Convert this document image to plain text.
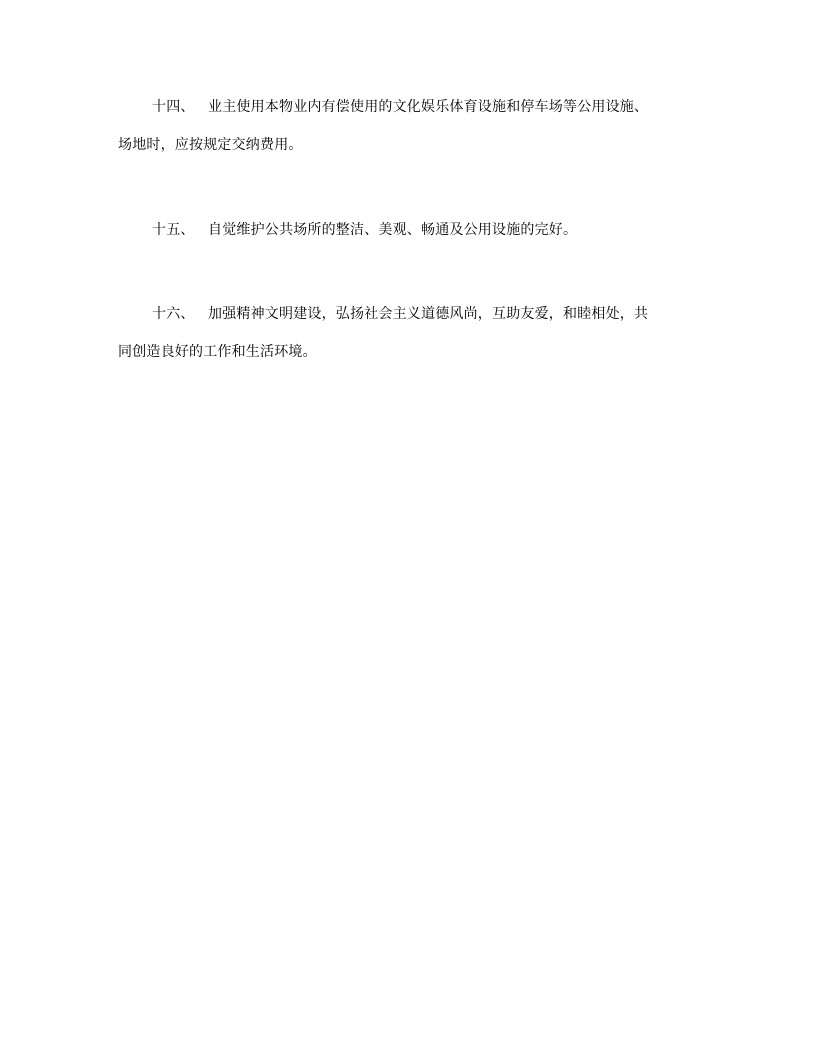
十四、 业主使用本物业内有偿使用的文化娱乐体育设施和停车场等公用设施、
场地时，应按规定交纳费用。
十五、 自觉维护公共场所的整洁、美观、畅通及公用设施的完好。
十六、 加强精神文明建设，弘扬社会主义道德风尚，互助友爱，和睦相处，共
同创造良好的工作和生活环境。
